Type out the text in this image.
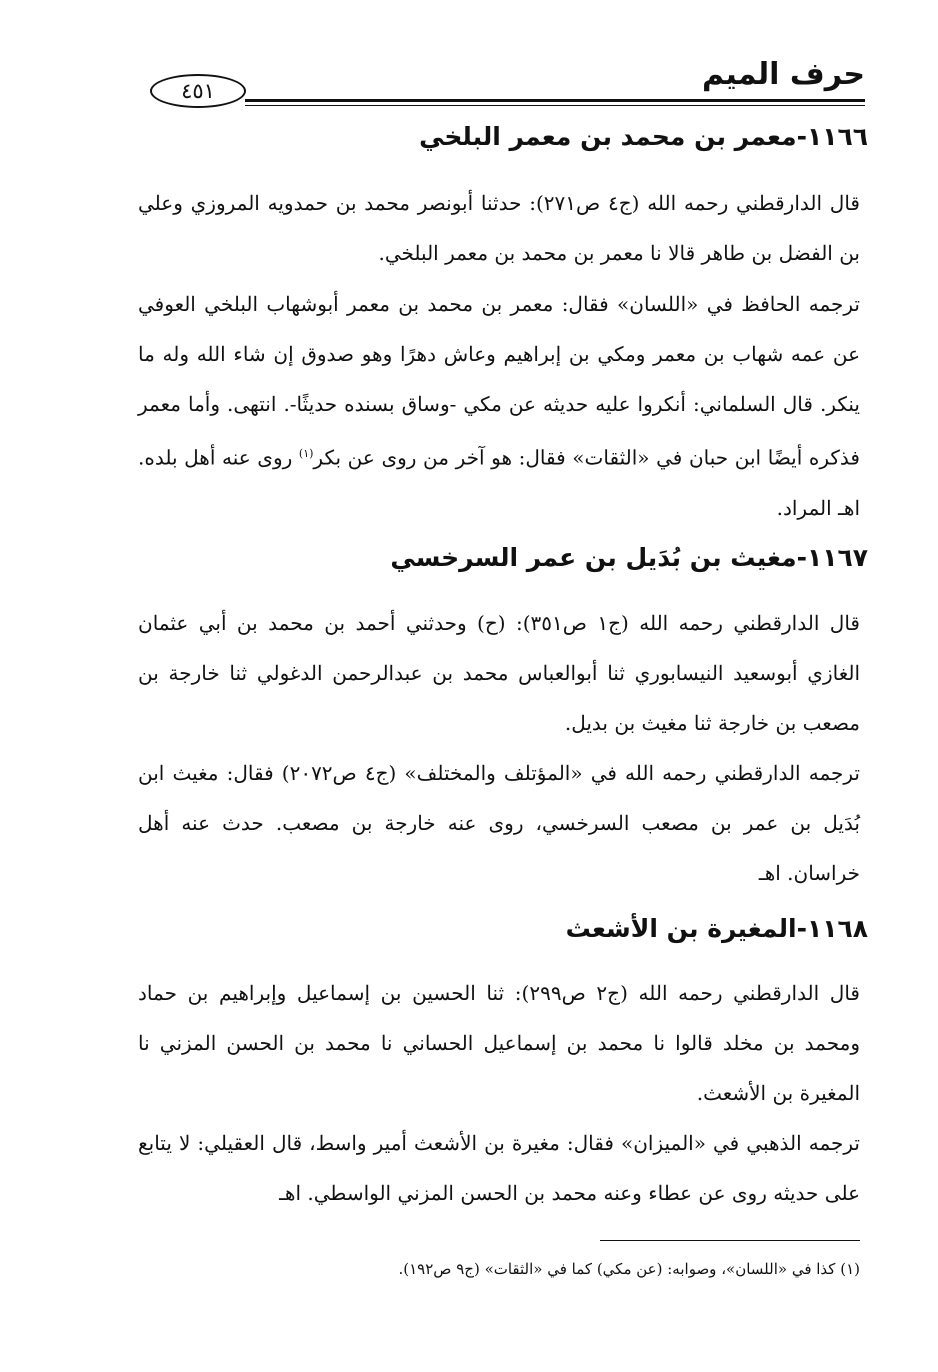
حرف الميم
٤٥١
١١٦٦-معمر بن محمد بن معمر البلخي
قال الدارقطني رحمه الله (ج٤ ص٢٧١): حدثنا أبونصر محمد بن حمدويه المروزي وعلي بن الفضل بن طاهر قالا نا معمر بن محمد بن معمر البلخي.
ترجمه الحافظ في «اللسان» فقال: معمر بن محمد بن معمر أبوشهاب البلخي العوفي عن عمه شهاب بن معمر ومكي بن إبراهيم وعاش دهرًا وهو صدوق إن شاء الله وله ما ينكر. قال السلماني: أنكروا عليه حديثه عن مكي -وساق بسنده حديثًا-. انتهى. وأما معمر فذكره أيضًا ابن حبان في «الثقات» فقال: هو آخر من روى عن بكر$^{(١)}$ روى عنه أهل بلده. اهـ المراد.
١١٦٧-مغيث بن بُدَيل بن عمر السرخسي
قال الدارقطني رحمه الله (ج١ ص٣٥١): (ح) وحدثني أحمد بن محمد بن أبي عثمان الغازي أبوسعيد النيسابوري ثنا أبوالعباس محمد بن عبدالرحمن الدغولي ثنا خارجة بن مصعب بن خارجة ثنا مغيث بن بديل.
ترجمه الدارقطني رحمه الله في «المؤتلف والمختلف» (ج٤ ص٢٠٧٢) فقال: مغيث ابن بُدَيل بن عمر بن مصعب السرخسي، روى عنه خارجة بن مصعب. حدث عنه أهل خراسان. اهـ
١١٦٨-المغيرة بن الأشعث
قال الدارقطني رحمه الله (ج٢ ص٢٩٩): ثنا الحسين بن إسماعيل وإبراهيم بن حماد ومحمد بن مخلد قالوا نا محمد بن إسماعيل الحساني نا محمد بن الحسن المزني نا المغيرة بن الأشعث.
ترجمه الذهبي في «الميزان» فقال: مغيرة بن الأشعث أمير واسط، قال العقيلي: لا يتابع على حديثه روى عن عطاء وعنه محمد بن الحسن المزني الواسطي. اهـ
(١) كذا في «اللسان»، وصوابه: (عن مكي) كما في «الثقات» (ج٩ ص١٩٢).
